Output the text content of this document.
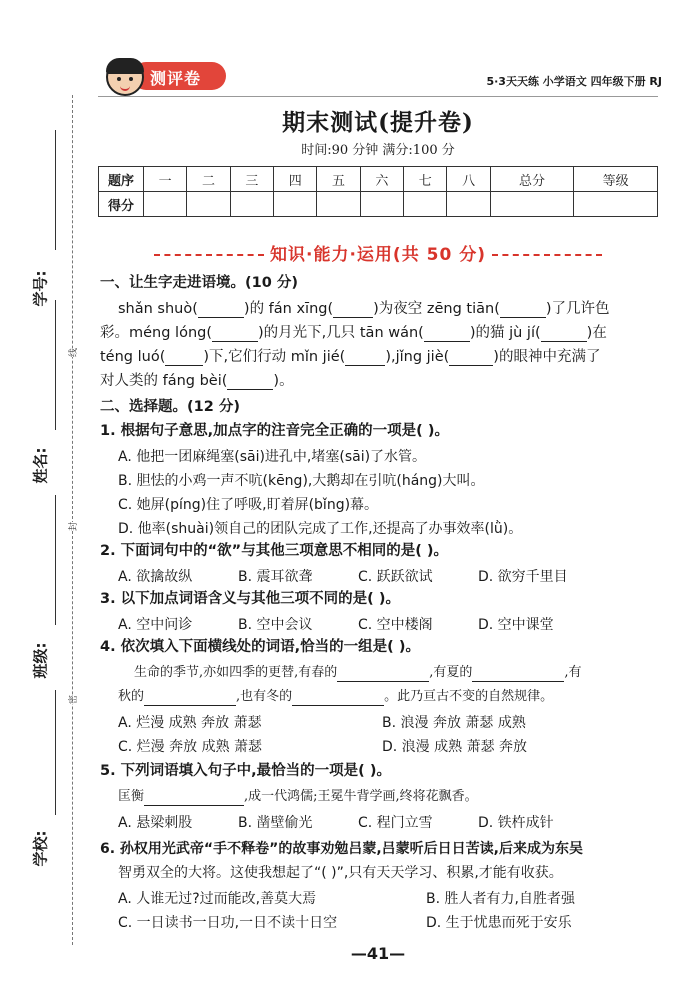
学号:
姓名:
班级:
学校:
线
封
密
测评卷	5·3天天练 小学语文 四年级下册 RJ
期末测试(提升卷)
时间:90 分钟 满分:100 分
题序	一	二	三	四	五	六	七	八	总分	等级
得分										
知识·能力·运用(共 50 分)
一、让生字走进语境。(10 分)
shǎn shuò(	)的 fán xīng(	)为夜空 zēng tiān(	)了几许色
彩。méng lóng(	)的月光下,几只 tān wán(	)的猫 jù jí(	)在
téng luó(	)下,它们行动 mǐn jié(	),jǐng jiè(	)的眼神中充满了
对人类的 fáng bèi(	)。
二、选择题。(12 分)
1. 根据句子意思,加点字的注音完全正确的一项是( )。
A. 他把一团麻绳塞(sāi)进孔中,堵塞(sāi)了水管。
B. 胆怯的小鸡一声不吭(kēng),大鹅却在引吭(háng)大叫。
C. 她屏(píng)住了呼吸,盯着屏(bǐng)幕。
D. 他率(shuài)领自己的团队完成了工作,还提高了办事效率(lǜ)。
2. 下面词句中的“欲”与其他三项意思不相同的是( )。
A. 欲擒故纵	B. 震耳欲聋	C. 跃跃欲试	D. 欲穷千里目
3. 以下加点词语含义与其他三项不同的是( )。
A. 空中问诊	B. 空中会议	C. 空中楼阁	D. 空中课堂
4. 依次填入下面横线处的词语,恰当的一组是( )。
生命的季节,亦如四季的更替,有春的	,有夏的	,有
秋的	,也有冬的	。此乃亘古不变的自然规律。
A. 烂漫 成熟 奔放 萧瑟	B. 浪漫 奔放 萧瑟 成熟
C. 烂漫 奔放 成熟 萧瑟	D. 浪漫 成熟 萧瑟 奔放
5. 下列词语填入句子中,最恰当的一项是( )。
匡衡	,成一代鸿儒;王冕牛背学画,终将花飘香。
A. 悬梁刺股	B. 凿壁偷光	C. 程门立雪	D. 铁杵成针
6. 孙权用光武帝“手不释卷”的故事劝勉吕蒙,吕蒙听后日日苦读,后来成为东吴
智勇双全的大将。这使我想起了“( )”,只有天天学习、积累,才能有收获。
A. 人谁无过?过而能改,善莫大焉	B. 胜人者有力,自胜者强
C. 一日读书一日功,一日不读十日空	D. 生于忧患而死于安乐
—41—
